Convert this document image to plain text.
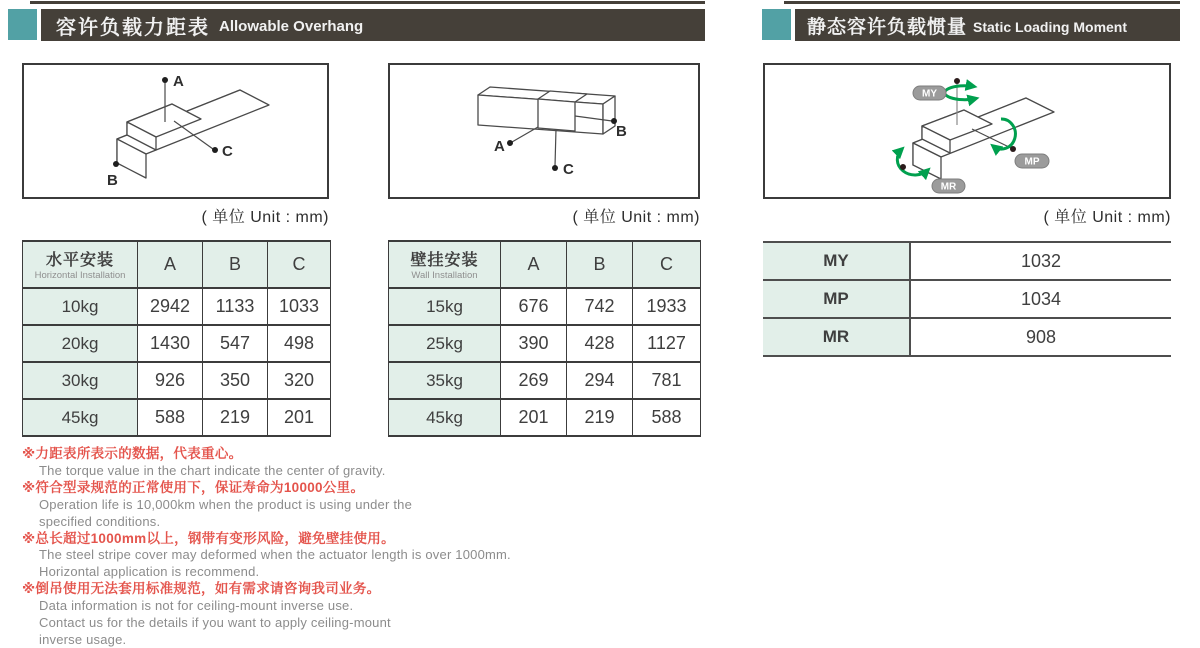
容许负载力距表 Allowable Overhang	静态容许负载惯量 Static Loading Moment
A
C
B
( 单位 Unit : mm)
A
B
C
( 单位 Unit : mm)
MY
MP
MR
( 单位 Unit : mm)
水平安装
Horizontal Installation	A	B	C
10kg	2942	1133	1033
20kg	1430	547	498
30kg	926	350	320
45kg	588	219	201
壁挂安装
Wall Installation	A	B	C
15kg	676	742	1933
25kg	390	428	1127
35kg	269	294	781
45kg	201	219	588
MY	1032
MP	1034
MR	908
※力距表所表示的数据，代表重心。
The torque value in the chart indicate the center of gravity.
※符合型录规范的正常使用下，保证寿命为10000公里。
Operation life is 10,000km when the product is using under the
specified conditions.
※总长超过1000mm以上，钢带有变形风险，避免壁挂使用。
The steel stripe cover may deformed when the actuator length is over 1000mm.
Horizontal application is recommend.
※倒吊使用无法套用标准规范，如有需求请咨询我司业务。
Data information is not for ceiling-mount inverse use.
Contact us for the details if you want to apply ceiling-mount
inverse usage.
